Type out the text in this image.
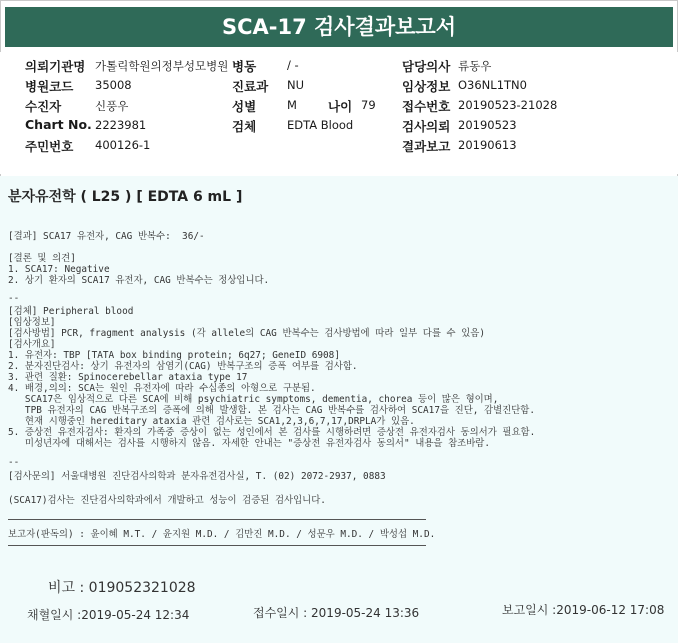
SCA-17 검사결과보고서
의뢰기관명 가톨릭학원의정부성모병원 병동	/ -	담당의사 류동우
병원코드 35008	진료과 NU	임상정보 O36NL1TN0
수진자	신풍우	성별	M 나이 79 접수번호 20190523-21028
Chart No. 2223981	검체	EDTA Blood	검사의뢰 20190523
주민번호 400126-1	결과보고 20190613
분자유전학 ( L25 ) [ EDTA 6 mL ]
[결과] SCA17 유전자, CAG 반복수:  36/-
[결론 및 의견]
1. SCA17: Negative
2. 상기 환자의 SCA17 유전자, CAG 반복수는 정상입니다.
--
[검체] Peripheral blood
[임상정보]
[검사방법] PCR, fragment analysis (각 allele의 CAG 반복수는 검사방법에 따라 일부 다를 수 있음)
[검사개요]
1. 유전자: TBP [TATA box binding protein; 6q27; GeneID 6908]
2. 분자진단검사: 상기 유전자의 삼염기(CAG) 반복구조의 증폭 여부를 검사함.
3. 관련 질환: Spinocerebellar ataxia type 17
4. 배경,의의: SCA는 원인 유전자에 따라 수십종의 아형으로 구분됨.
SCA17은 임상적으로 다른 SCA에 비해 psychiatric symptoms, dementia, chorea 등이 많은 형이며,
TPB 유전자의 CAG 반복구조의 증폭에 의해 발생함. 본 검사는 CAG 반복수를 검사하여 SCA17을 진단, 감별진단함.
현재 시행중인 hereditary ataxia 관련 검사로는 SCA1,2,3,6,7,17,DRPLA가 있음.
5. 증상전 유전자검사: 환자의 가족중 증상이 없는 성인에서 본 검사를 시행하려면 증상전 유전자검사 동의서가 필요함.
미성년자에 대해서는 검사를 시행하지 않음. 자세한 안내는 "증상전 유전자검사 동의서" 내용을 참조바람.
--
[검사문의] 서울대병원 진단검사의학과 분자유전검사실, T. (02) 2072-2937, 0883
(SCA17)검사는 진단검사의학과에서 개발하고 성능이 검증된 검사입니다.
보고자(판독의) : 윤이혜 M.T. / 윤지원 M.D. / 김만진 M.D. / 성문우 M.D. / 박성섭 M.D.
비고 : 019052321028
채혈일시 :2019-05-24 12:34	접수일시 : 2019-05-24 13:36	보고일시 :2019-06-12 17:08
